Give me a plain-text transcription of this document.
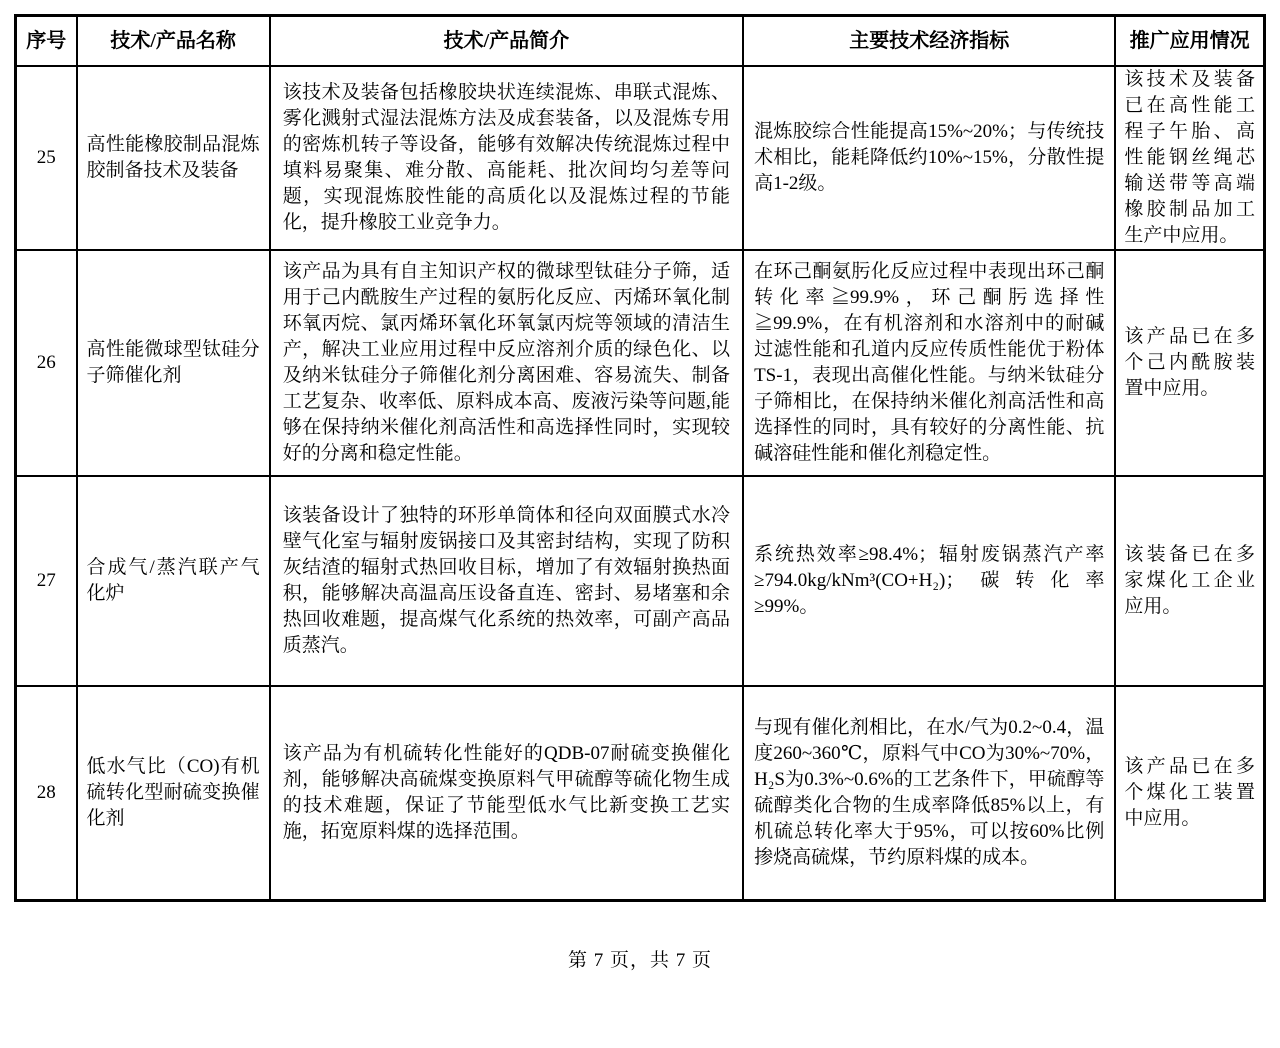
序号	技术/产品名称	技术/产品简介	主要技术经济指标	推广应用情况
25	高性能橡胶制品混炼胶制备技术及装备	该技术及装备包括橡胶块状连续混炼、串联式混炼、雾化溅射式湿法混炼方法及成套装备，以及混炼专用的密炼机转子等设备，能够有效解决传统混炼过程中填料易聚集、难分散、高能耗、批次间均匀差等问题，实现混炼胶性能的高质化以及混炼过程的节能化，提升橡胶工业竞争力。	混炼胶综合性能提高15%~20%；与传统技术相比，能耗降低约10%~15%，分散性提高1-2级。	该技术及装备已在高性能工程子午胎、高性能钢丝绳芯输送带等高端橡胶制品加工生产中应用。
26	高性能微球型钛硅分子筛催化剂	该产品为具有自主知识产权的微球型钛硅分子筛，适用于己内酰胺生产过程的氨肟化反应、丙烯环氧化制环氧丙烷、氯丙烯环氧化环氧氯丙烷等领域的清洁生产，解决工业应用过程中反应溶剂介质的绿色化、以及纳米钛硅分子筛催化剂分离困难、容易流失、制备工艺复杂、收率低、原料成本高、废液污染等问题,能够在保持纳米催化剂高活性和高选择性同时，实现较好的分离和稳定性能。	在环己酮氨肟化反应过程中表现出环己酮转化率≧99.9%，环己酮肟选择性≧99.9%，在有机溶剂和水溶剂中的耐碱过滤性能和孔道内反应传质性能优于粉体TS-1，表现出高催化性能。与纳米钛硅分子筛相比，在保持纳米催化剂高活性和高选择性的同时，具有较好的分离性能、抗碱溶硅性能和催化剂稳定性。	该产品已在多个己内酰胺装置中应用。
27	合成气/蒸汽联产气化炉	该装备设计了独特的环形单筒体和径向双面膜式水冷壁气化室与辐射废锅接口及其密封结构，实现了防积灰结渣的辐射式热回收目标，增加了有效辐射换热面积，能够解决高温高压设备直连、密封、易堵塞和余热回收难题，提高煤气化系统的热效率，可副产高品质蒸汽。	系统热效率≥98.4%；辐射废锅蒸汽产率≥794.0kg/kNm³(CO+H₂)；碳转化率≥99%。	该装备已在多家煤化工企业应用。
28	低水气比（CO)有机硫转化型耐硫变换催化剂	该产品为有机硫转化性能好的QDB-07耐硫变换催化剂，能够解决高硫煤变换原料气甲硫醇等硫化物生成的技术难题，保证了节能型低水气比新变换工艺实施，拓宽原料煤的选择范围。	与现有催化剂相比，在水/气为0.2~0.4，温度260~360℃，原料气中CO为30%~70%，H₂S为0.3%~0.6%的工艺条件下，甲硫醇等硫醇类化合物的生成率降低85%以上，有机硫总转化率大于95%，可以按60%比例掺烧高硫煤，节约原料煤的成本。	该产品已在多个煤化工装置中应用。
第 7 页，共 7 页
